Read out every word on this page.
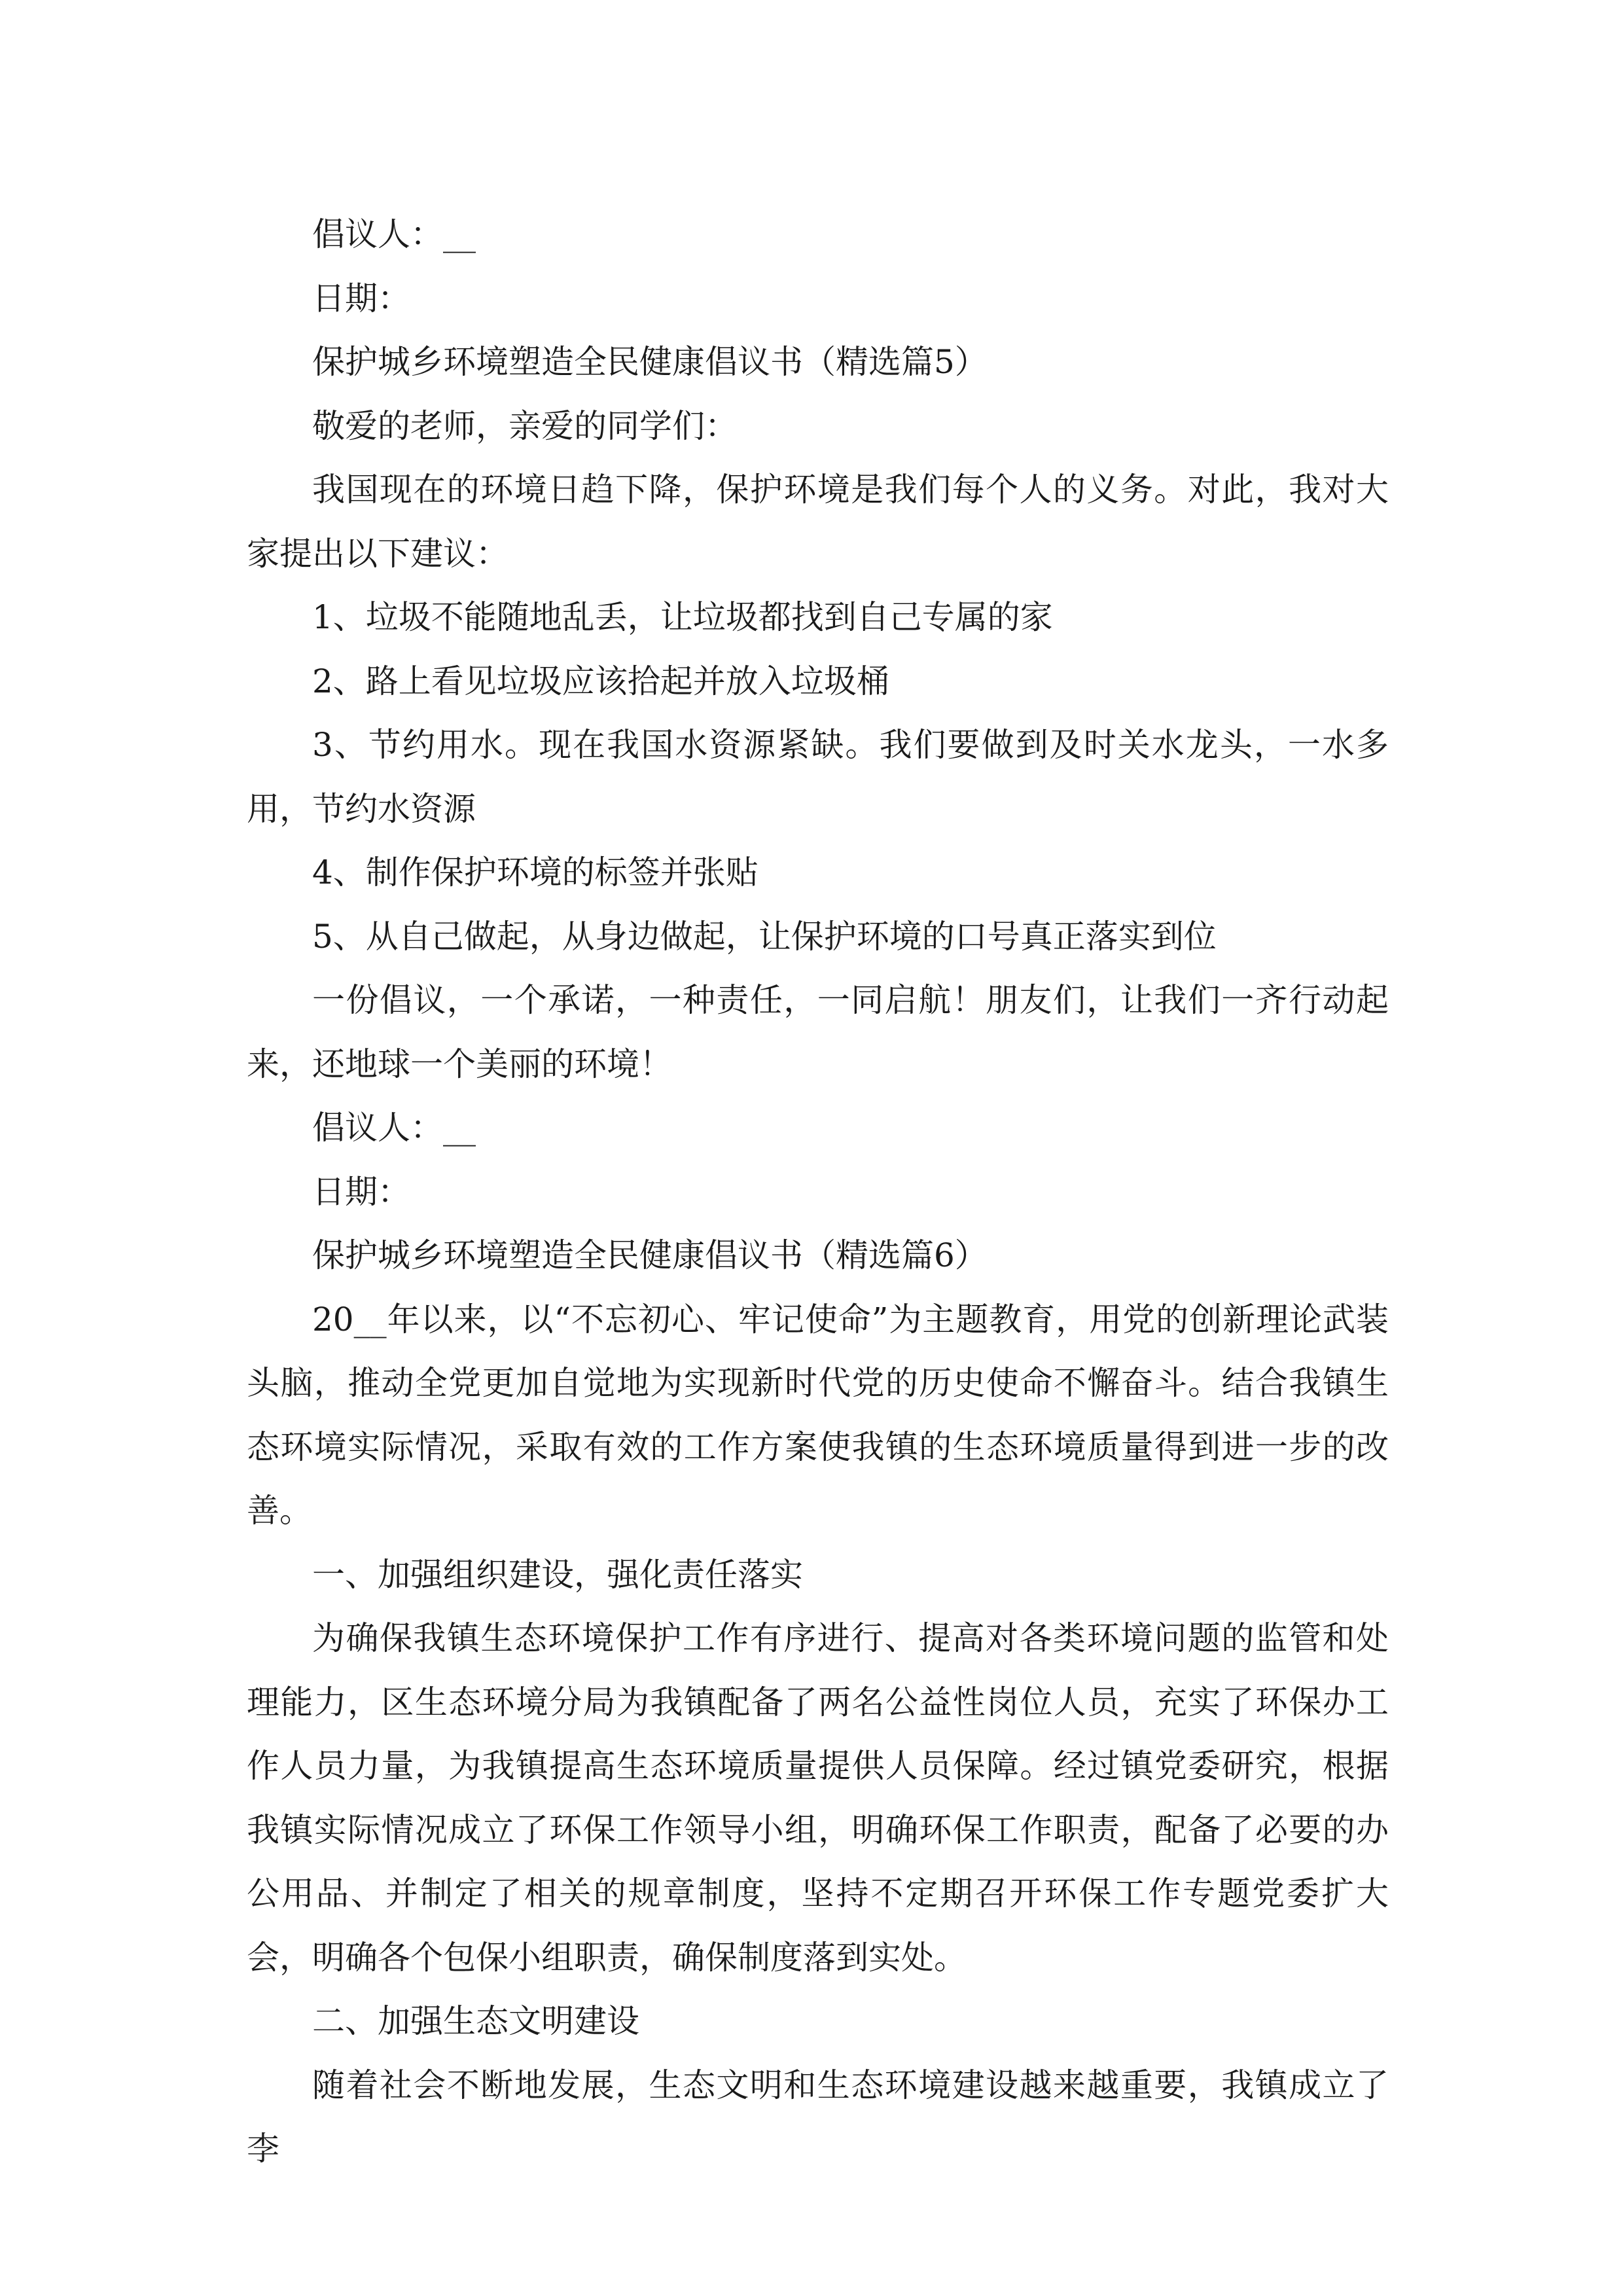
倡议人：__

日期：

保护城乡环境塑造全民健康倡议书（精选篇5）

敬爱的老师，亲爱的同学们：

我国现在的环境日趋下降，保护环境是我们每个人的义务。对此，我对大家提出以下建议：

1、垃圾不能随地乱丢，让垃圾都找到自己专属的家

2、路上看见垃圾应该拾起并放入垃圾桶

3、节约用水。现在我国水资源紧缺。我们要做到及时关水龙头，一水多用，节约水资源

4、制作保护环境的标签并张贴

5、从自己做起，从身边做起，让保护环境的口号真正落实到位

一份倡议，一个承诺，一种责任，一同启航！朋友们，让我们一齐行动起来，还地球一个美丽的环境！

倡议人：__

日期：

保护城乡环境塑造全民健康倡议书（精选篇6）

20__年以来，以“不忘初心、牢记使命”为主题教育，用党的创新理论武装头脑，推动全党更加自觉地为实现新时代党的历史使命不懈奋斗。结合我镇生态环境实际情况，采取有效的工作方案使我镇的生态环境质量得到进一步的改善。

一、加强组织建设，强化责任落实

为确保我镇生态环境保护工作有序进行、提高对各类环境问题的监管和处理能力，区生态环境分局为我镇配备了两名公益性岗位人员，充实了环保办工作人员力量，为我镇提高生态环境质量提供人员保障。经过镇党委研究，根据我镇实际情况成立了环保工作领导小组，明确环保工作职责，配备了必要的办公用品、并制定了相关的规章制度，坚持不定期召开环保工作专题党委扩大会，明确各个包保小组职责，确保制度落到实处。

二、加强生态文明建设

随着社会不断地发展，生态文明和生态环境建设越来越重要，我镇成立了李
